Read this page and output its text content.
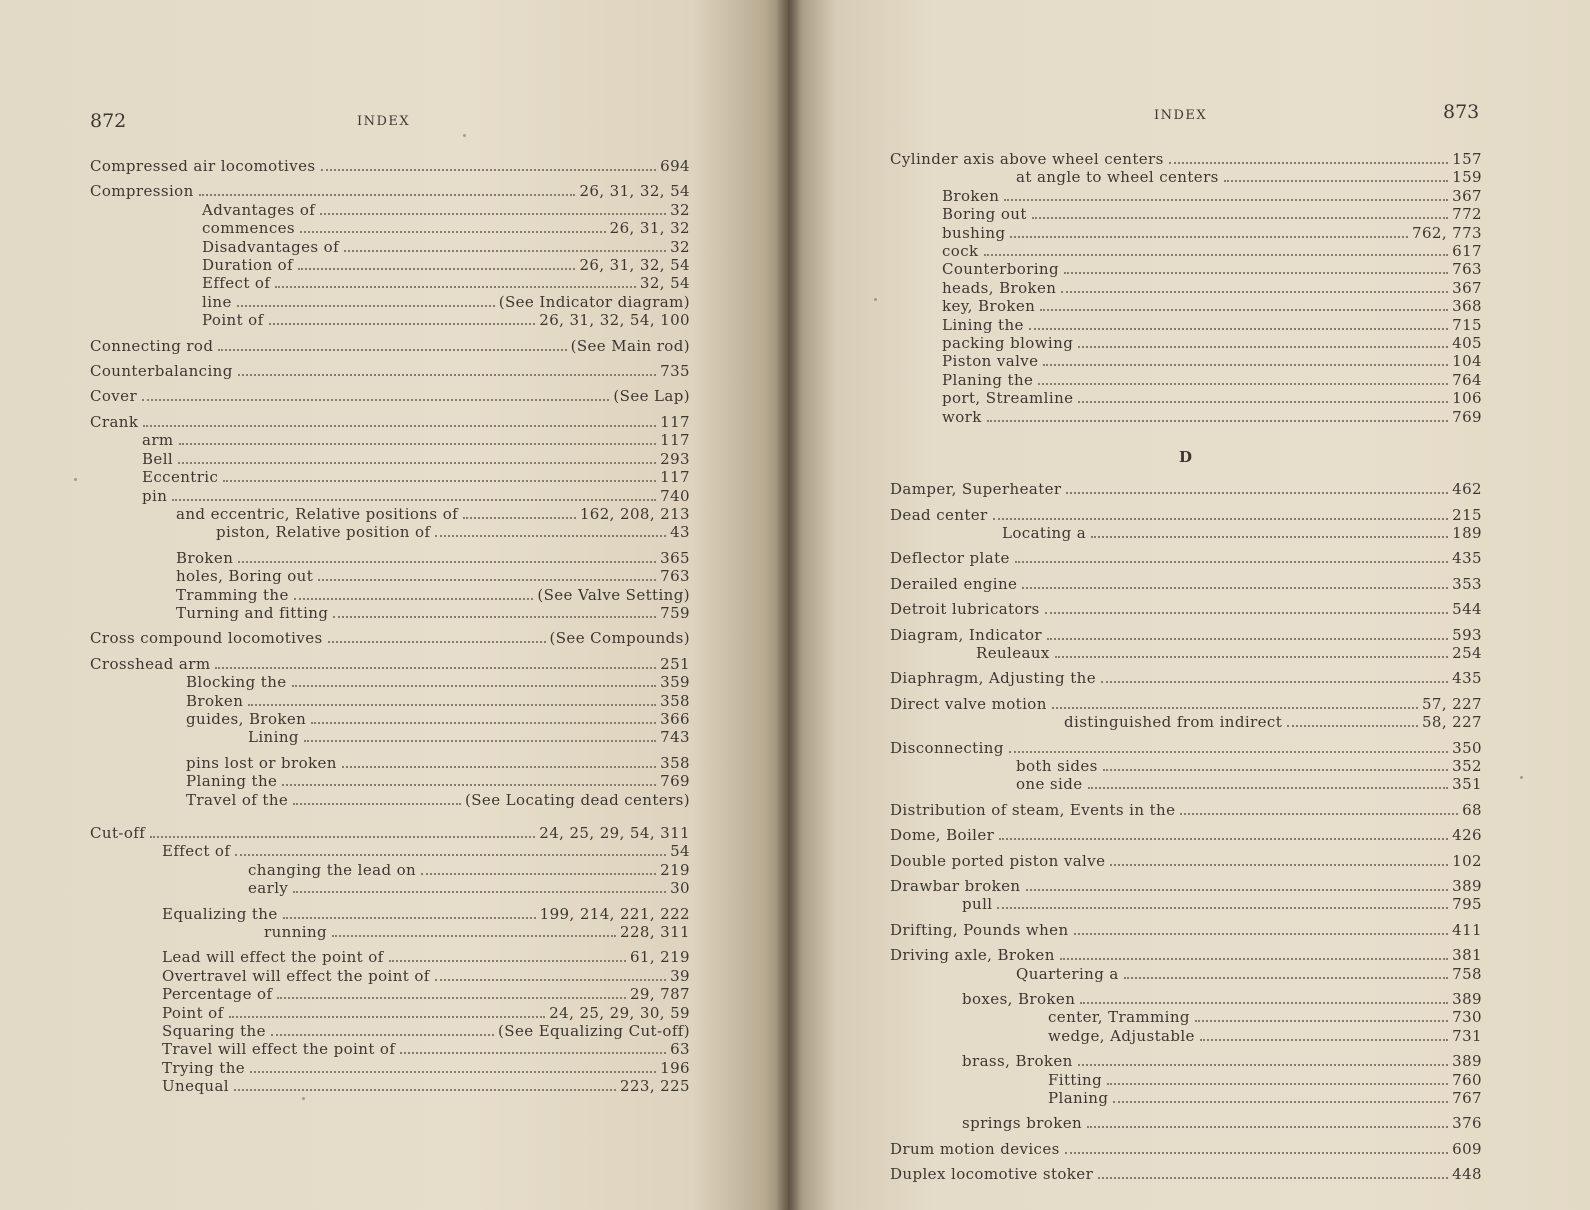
872	INDEX
Compressed air locomotives	694
Compression	26, 31, 32, 54
Advantages of	32
commences	26, 31, 32
Disadvantages of	32
Duration of	26, 31, 32, 54
Effect of	32, 54
line	(See Indicator diagram)
Point of	26, 31, 32, 54, 100
Connecting rod	(See Main rod)
Counterbalancing	735
Cover	(See Lap)
Crank	117
arm	117
Bell	293
Eccentric	117
pin	740
and eccentric, Relative positions of	162, 208, 213
piston, Relative position of	43
Broken	365
holes, Boring out	763
Tramming the	(See Valve Setting)
Turning and fitting	759
Cross compound locomotives	(See Compounds)
Crosshead arm	251
Blocking the	359
Broken	358
guides, Broken	366
Lining	743
pins lost or broken	358
Planing the	769
Travel of the	(See Locating dead centers)
Cut-off	24, 25, 29, 54, 311
Effect of	54
changing the lead on	219
early	30
Equalizing the	199, 214, 221, 222
running	228, 311
Lead will effect the point of	61, 219
Overtravel will effect the point of	39
Percentage of	29, 787
Point of	24, 25, 29, 30, 59
Squaring the	(See Equalizing Cut-off)
Travel will effect the point of	63
Trying the	196
Unequal	223, 225
INDEX	873
Cylinder axis above wheel centers	157
at angle to wheel centers	159
Broken	367
Boring out	772
bushing	762, 773
cock	617
Counterboring	763
heads, Broken	367
key, Broken	368
Lining the	715
packing blowing	405
Piston valve	104
Planing the	764
port, Streamline	106
work	769
D
Damper, Superheater	462
Dead center	215
Locating a	189
Deflector plate	435
Derailed engine	353
Detroit lubricators	544
Diagram, Indicator	593
Reuleaux	254
Diaphragm, Adjusting the	435
Direct valve motion	57, 227
distinguished from indirect	58, 227
Disconnecting	350
both sides	352
one side	351
Distribution of steam, Events in the	68
Dome, Boiler	426
Double ported piston valve	102
Drawbar broken	389
pull	795
Drifting, Pounds when	411
Driving axle, Broken	381
Quartering a	758
boxes, Broken	389
center, Tramming	730
wedge, Adjustable	731
brass, Broken	389
Fitting	760
Planing	767
springs broken	376
Drum motion devices	609
Duplex locomotive stoker	448
